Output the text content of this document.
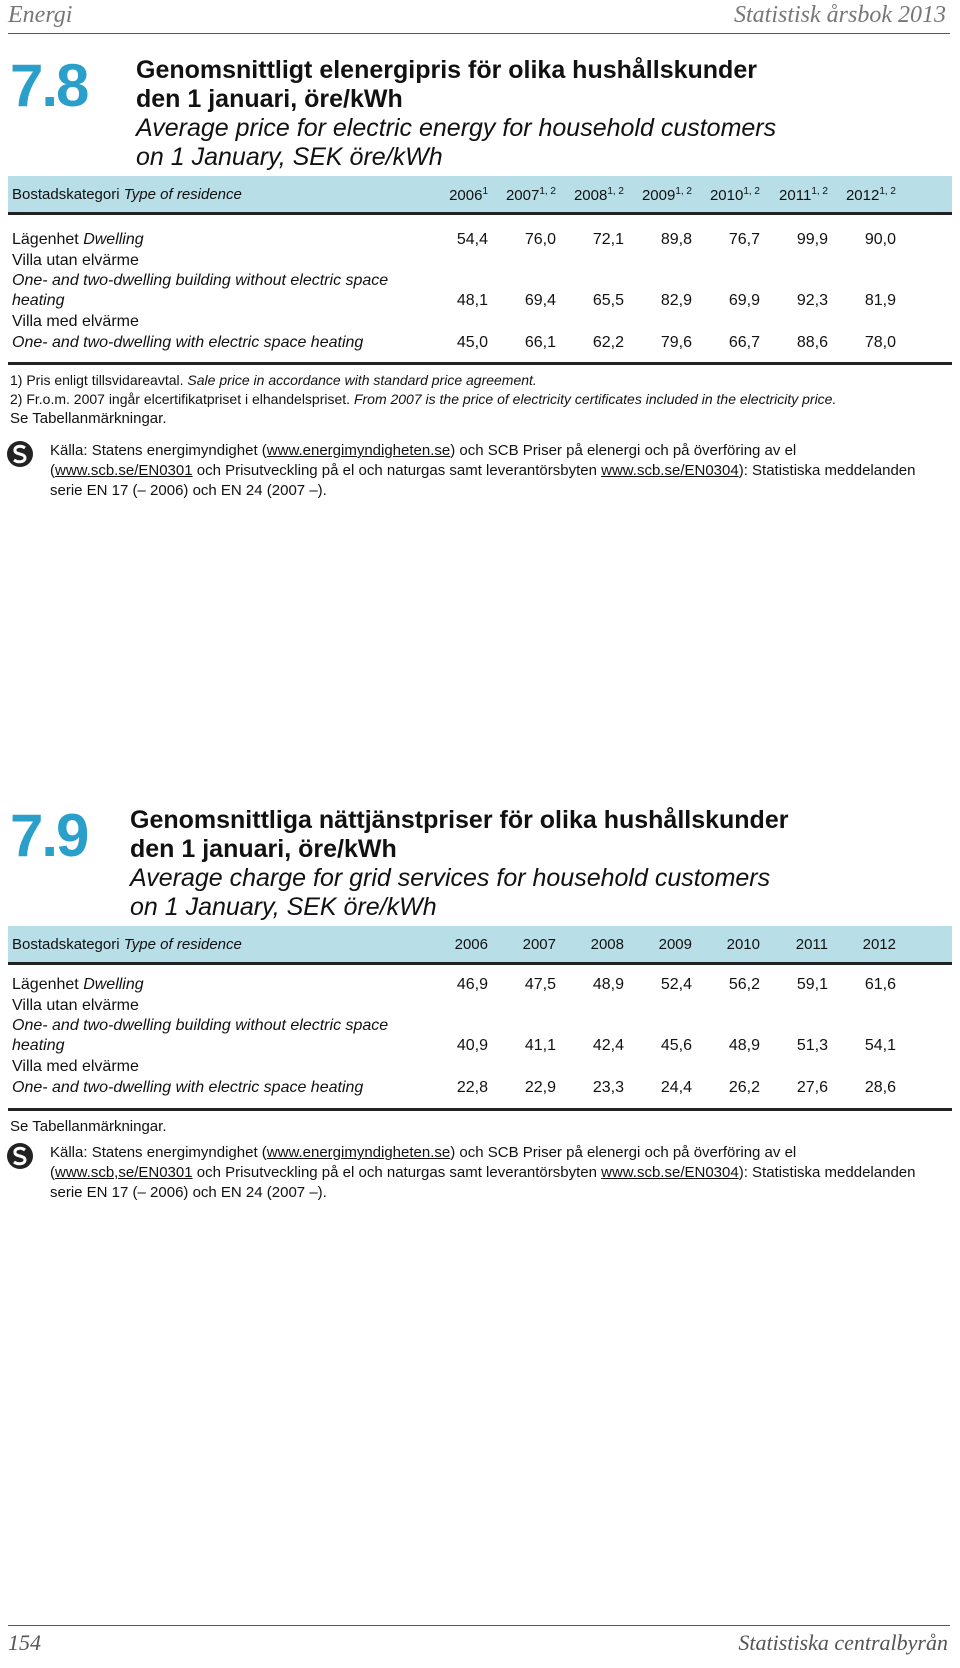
Energi	Statistisk årsbok 2013
7.8 Genomsnittligt elenergipris för olika hushållskunder
den 1 januari, öre/kWh
Average price for electric energy for household customers
on 1 January, SEK öre/kWh
Bostadskategori Type of residence	2006$^1$	2007$^{1, 2}$	2008$^{1, 2}$	2009$^{1, 2}$	2010$^{1, 2}$	2011$^{1, 2}$	2012$^{1, 2}$
Lägenhet Dwelling	54,4	76,0	72,1	89,8	76,7	99,9	90,0
Villa utan elvärme
One- and two-dwelling building without electric space
heating	48,1	69,4	65,5	82,9	69,9	92,3	81,9
Villa med elvärme
One- and two-dwelling with electric space heating	45,0	66,1	62,2	79,6	66,7	88,6	78,0
1) Pris enligt tillsvidareavtal. Sale price in accordance with standard price agreement.
2) Fr.o.m. 2007 ingår elcertifikatpriset i elhandelspriset. From 2007 is the price of electricity certificates included in the electricity price.
Se Tabellanmärkningar.
Källa: Statens energimyndighet (www.energimyndigheten.se) och SCB Priser på elenergi och på överföring av el (www.scb.se/EN0301 och Prisutveckling på el och naturgas samt leverantörsbyten www.scb.se/EN0304): Statistiska meddelanden serie EN 17 (– 2006) och EN 24 (2007 –).
7.9 Genomsnittliga nättjänstpriser för olika hushållskunder
den 1 januari, öre/kWh
Average charge for grid services for household customers
on 1 January, SEK öre/kWh
Bostadskategori Type of residence	2006	2007	2008	2009	2010	2011	2012
Lägenhet Dwelling	46,9	47,5	48,9	52,4	56,2	59,1	61,6
Villa utan elvärme
One- and two-dwelling building without electric space
heating	40,9	41,1	42,4	45,6	48,9	51,3	54,1
Villa med elvärme
One- and two-dwelling with electric space heating	22,8	22,9	23,3	24,4	26,2	27,6	28,6
Se Tabellanmärkningar.
Källa: Statens energimyndighet (www.energimyndigheten.se) och SCB Priser på elenergi och på överföring av el (www.scb,se/EN0301 och Prisutveckling på el och naturgas samt leverantörsbyten www.scb.se/EN0304): Statistiska meddelanden serie EN 17 (– 2006) och EN 24 (2007 –).
154	Statistiska centralbyrån
